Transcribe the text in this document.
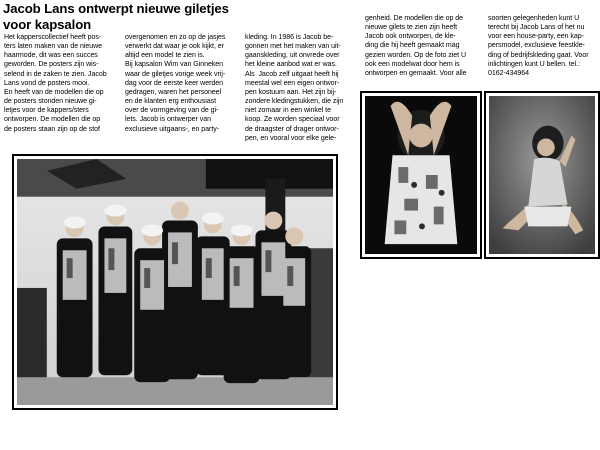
Jacob Lans ontwerpt nieuwe giletjes
voor kapsalon
Het kapperscollectief heeft pos-
ters laten maken van de nieuwe
haarmode, dit was een succes
geworden. De posters zijn wis-
selend in de zaken te zien. Jacob
Lans vond de posters mooi.
En heeft van de modellen die op
de posters stonden nieuwe gi-
letjes voor de kappers/sters
ontworpen. De modellen die op
de posters staan zijn op de stof
overgenomen en zo op de jasjes
verwerkt dat waar je ook kijkt, er
altijd een model te zien is.
Bij kapsalon Wim van Ginneken
waar de giletjes vorige week vrij-
dag voor de eerste keer werden
gedragen, waren het personeel
en de klanten erg enthousiast
over de vormgeving van de gi-
lets. Jacob is ontwerper van
exclusieve uitgaans-, en party-
kleding. In 1986 is Jacob be-
gonnen met het maken van uit-
gaanskleding, uit onvrede over
het kleine aanbod wat er was.
Als  Jacob zelf uitgaat heeft hij
meestal wel een eigen ontwor-
pen kostuum aan. Het zijn bij-
zondere kledingstukken, die zijn
niet zomaar in een winkel te
koop. Ze worden speciaal voor
de draagster of drager ontwor-
pen, en vooral voor elke gele-
genheid. De modellen die op de
nieuwe gilets te zien zijn heeft
Jacob ook ontworpen, de kle-
ding die hij heeft gemaakt mag
gezien worden. Op de foto ziet U
ook een modelwat door hem is
ontworpen en gemaakt. Voor alle
soorten gelegenheden kunt U
terecht bij Jacob Lans of het nu
voor een house-party, een kap-
persmodel, exclusieve feestkle-
ding of bedrijfskleding gaat. Voor
inlichtingen kunt U bellen. tel.:
0162-434964
